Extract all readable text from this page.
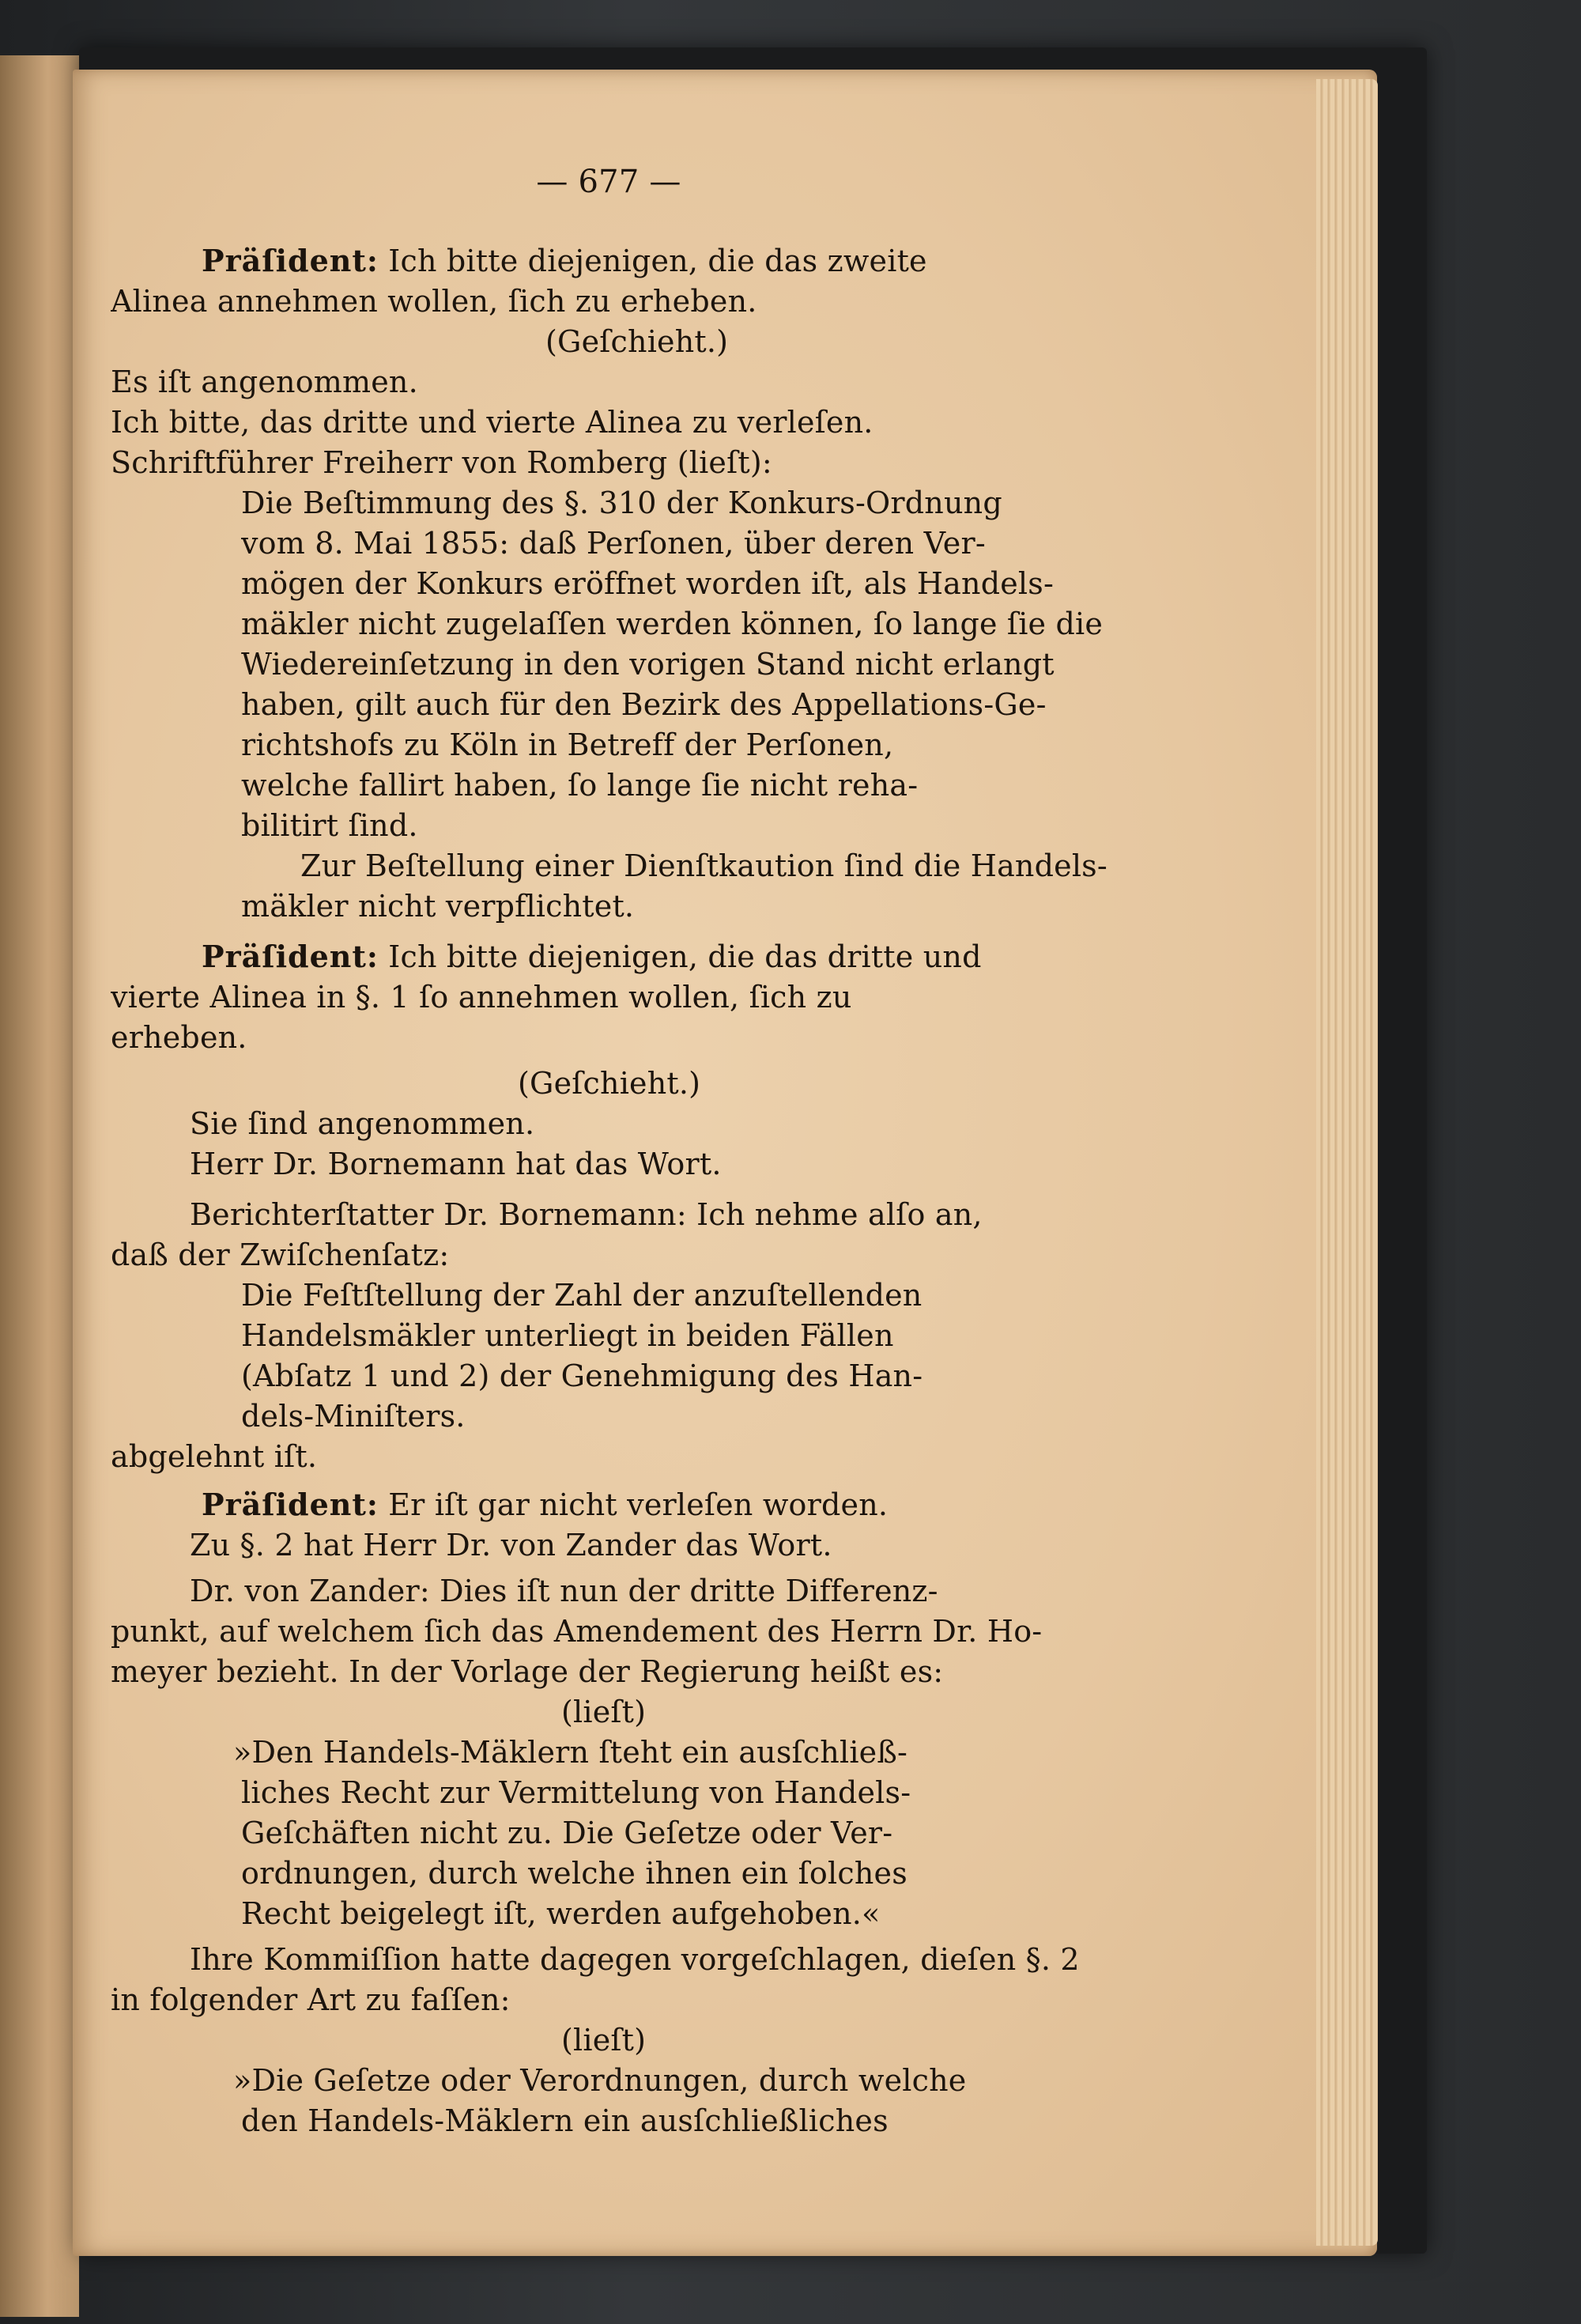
— 677 —
Präſident: Ich bitte diejenigen, die das zweite
Alinea annehmen wollen, ſich zu erheben.
(Geſchieht.)
Es iſt angenommen.
Ich bitte, das dritte und vierte Alinea zu verleſen.
Schriftführer Freiherr von Romberg (lieſt):
Die Beſtimmung des §. 310 der Konkurs-Ordnung
vom 8. Mai 1855: daß Perſonen, über deren Ver-
mögen der Konkurs eröffnet worden iſt, als Handels-
mäkler nicht zugelaſſen werden können, ſo lange ſie die
Wiedereinſetzung in den vorigen Stand nicht erlangt
haben, gilt auch für den Bezirk des Appellations-Ge-
richtshofs zu Köln in Betreff der Perſonen,
welche fallirt haben, ſo lange ſie nicht reha-
bilitirt ſind.
Zur Beſtellung einer Dienſtkaution ſind die Handels-
mäkler nicht verpflichtet.
Präſident: Ich bitte diejenigen, die das dritte und
vierte Alinea in §. 1 ſo annehmen wollen, ſich zu
erheben.
(Geſchieht.)
Sie ſind angenommen.
Herr Dr. Bornemann hat das Wort.
Berichterſtatter Dr. Bornemann: Ich nehme alſo an,
daß der Zwiſchenſatz:
Die Feſtſtellung der Zahl der anzuſtellenden
Handelsmäkler unterliegt in beiden Fällen
(Abſatz 1 und 2) der Genehmigung des Han-
dels-Miniſters.
abgelehnt iſt.
Präſident: Er iſt gar nicht verleſen worden.
Zu §. 2 hat Herr Dr. von Zander das Wort.
Dr. von Zander: Dies iſt nun der dritte Differenz-
punkt, auf welchem ſich das Amendement des Herrn Dr. Ho-
meyer bezieht. In der Vorlage der Regierung heißt es:
(lieſt)
»Den Handels-Mäklern ſteht ein ausſchließ-
liches Recht zur Vermittelung von Handels-
Geſchäften nicht zu. Die Geſetze oder Ver-
ordnungen, durch welche ihnen ein ſolches
Recht beigelegt iſt, werden aufgehoben.«
Ihre Kommiſſion hatte dagegen vorgeſchlagen, dieſen §. 2
in folgender Art zu faſſen:
(lieſt)
»Die Geſetze oder Verordnungen, durch welche
den Handels-Mäklern ein ausſchließliches
